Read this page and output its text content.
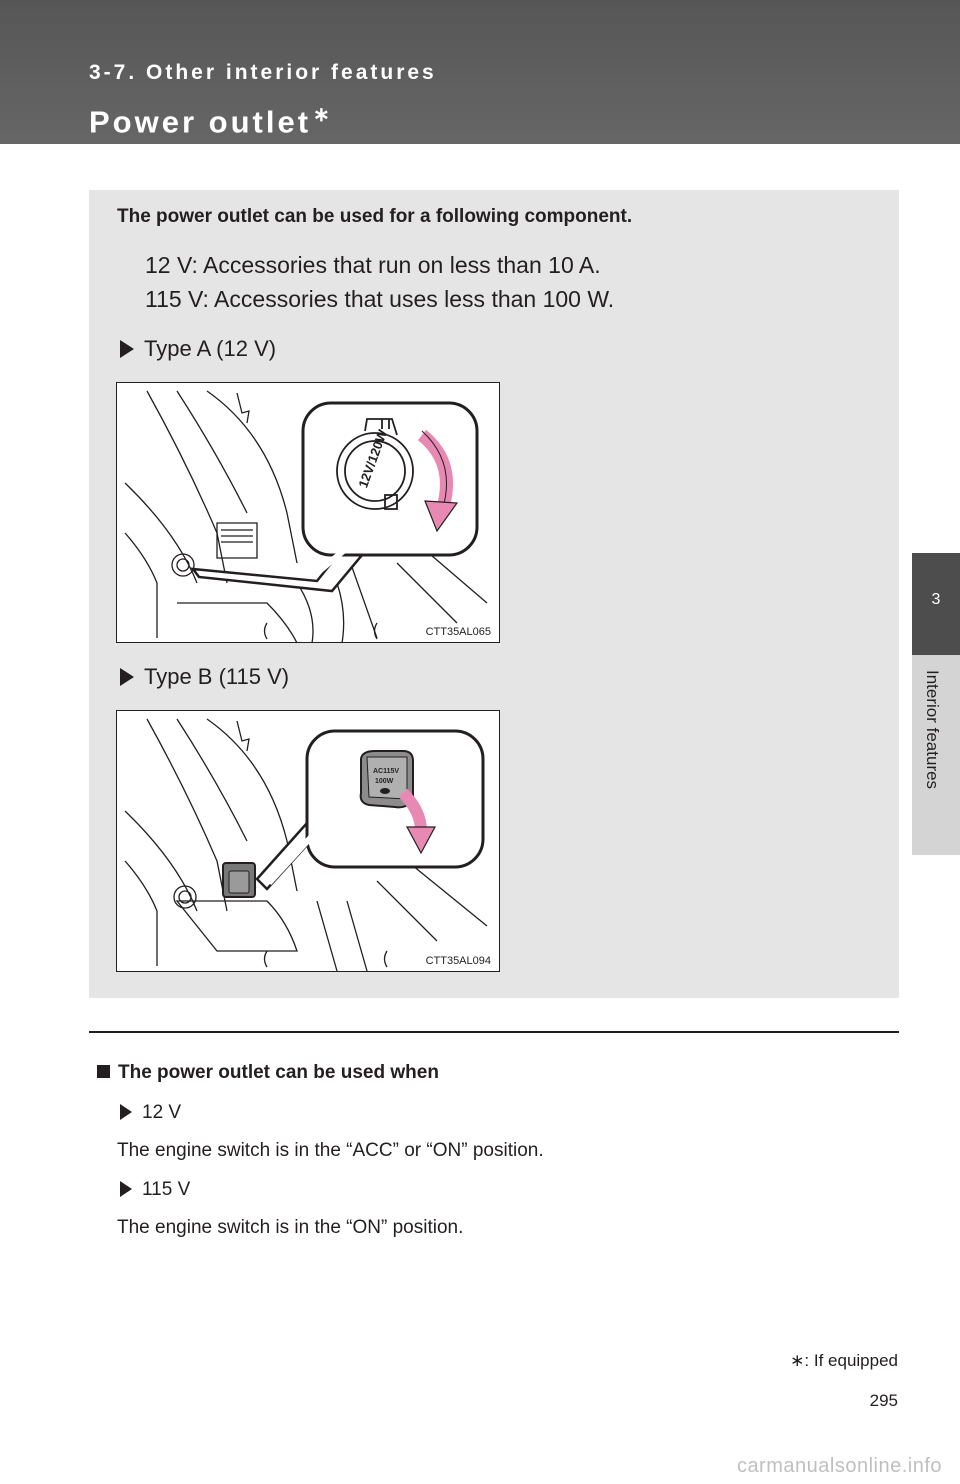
3-7. Other interior features
Power outlet ∗
3
Interior features
The power outlet can be used for a following component.
12 V: Accessories that run on less than 10 A.
115 V: Accessories that uses less than 100 W.
Type A (12 V)
12V/120W
CTT35AL065
Type B (115 V)
AC115V
100W
CTT35AL094
The power outlet can be used when
12 V
The engine switch is in the “ACC” or “ON” position.
115 V
The engine switch is in the “ON” position.
∗: If equipped
295
carmanualsonline.info
